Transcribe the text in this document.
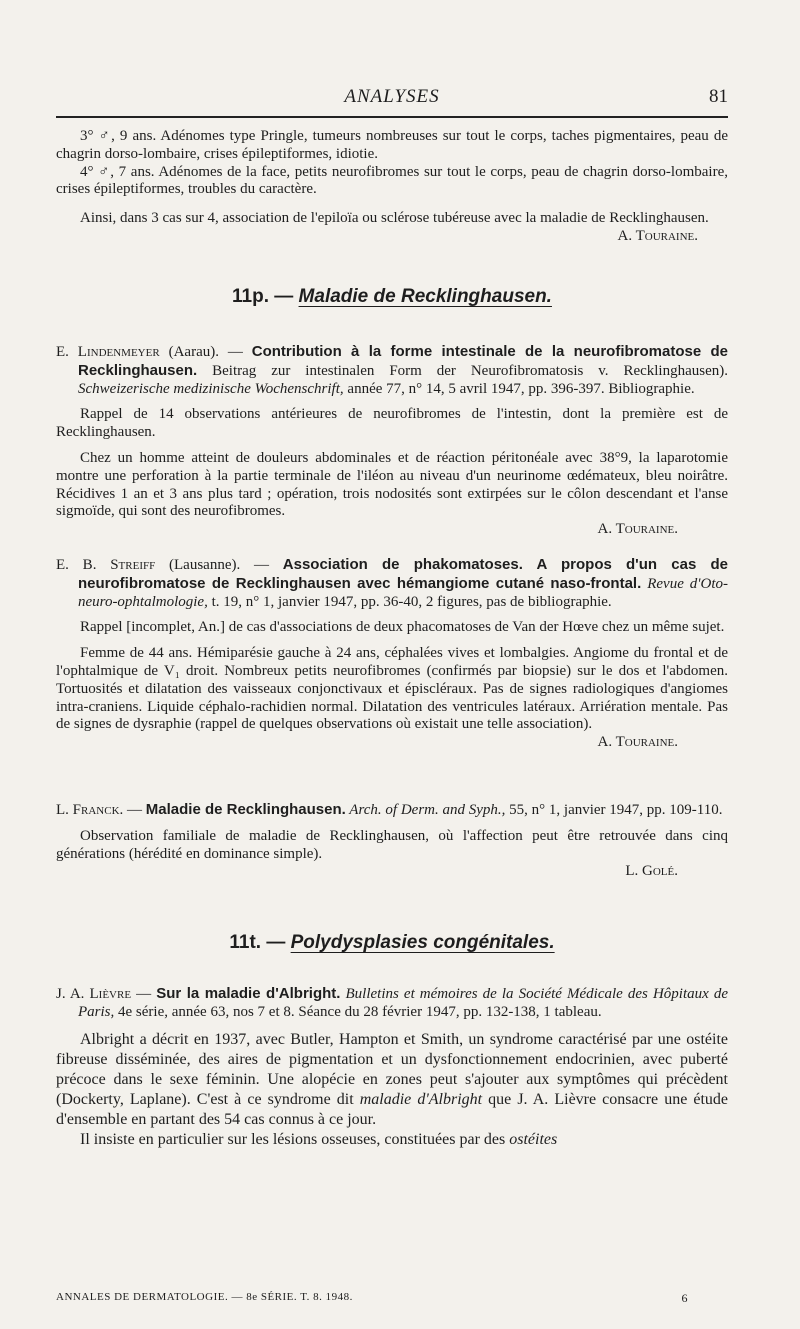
ANALYSES	81

3° ♂, 9 ans. Adénomes type Pringle, tumeurs nombreuses sur tout le corps, taches pigmentaires, peau de chagrin dorso-lombaire, crises épileptiformes, idiotie.

4° ♂, 7 ans. Adénomes de la face, petits neurofibromes sur tout le corps, peau de chagrin dorso-lombaire, crises épileptiformes, troubles du caractère.

Ainsi, dans 3 cas sur 4, association de l'epiloïa ou sclérose tubéreuse avec la maladie de Recklinghausen.
A. Touraine.

11p. — Maladie de Recklinghausen.

E. Lindenmeyer (Aarau). — Contribution à la forme intestinale de la neurofibromatose de Recklinghausen. Beitrag zur intestinalen Form der Neurofibromatosis v. Recklinghausen). Schweizerische medizinische Wochenschrift, année 77, n° 14, 5 avril 1947, pp. 396-397. Bibliographie.

Rappel de 14 observations antérieures de neurofibromes de l'intestin, dont la première est de Recklinghausen.

Chez un homme atteint de douleurs abdominales et de réaction péritonéale avec 38°9, la laparotomie montre une perforation à la partie terminale de l'iléon au niveau d'un neurinome œdémateux, bleu noirâtre. Récidives 1 an et 3 ans plus tard ; opération, trois nodosités sont extirpées sur le côlon descendant et l'anse sigmoïde, qui sont des neurofibromes.

A. Touraine.

E. B. Streiff (Lausanne). — Association de phakomatoses. A propos d'un cas de neurofibromatose de Recklinghausen avec hémangiome cutané naso-frontal. Revue d'Oto-neuro-ophtalmologie, t. 19, n° 1, janvier 1947, pp. 36-40, 2 figures, pas de bibliographie.

Rappel [incomplet, An.] de cas d'associations de deux phacomatoses de Van der Hœve chez un même sujet.

Femme de 44 ans. Hémiparésie gauche à 24 ans, céphalées vives et lombalgies. Angiome du frontal et de l'ophtalmique de V₁ droit. Nombreux petits neurofibromes (confirmés par biopsie) sur le dos et l'abdomen. Tortuosités et dilatation des vaisseaux conjonctivaux et épiscléraux. Pas de signes radiologiques d'angiomes intra-craniens. Liquide céphalo-rachidien normal. Dilatation des ventricules latéraux. Arriération mentale. Pas de signes de dysraphie (rappel de quelques observations où existait une telle association).

A. Touraine.

L. Franck. — Maladie de Recklinghausen. Arch. of Derm. and Syph., 55, n° 1, janvier 1947, pp. 109-110.

Observation familiale de maladie de Recklinghausen, où l'affection peut être retrouvée dans cinq générations (hérédité en dominance simple).

L. Golé.

11t. — Polydysplasies congénitales.

J. A. Lièvre — Sur la maladie d'Albright. Bulletins et mémoires de la Société Médicale des Hôpitaux de Paris, 4e série, année 63, nos 7 et 8. Séance du 28 février 1947, pp. 132-138, 1 tableau.

Albright a décrit en 1937, avec Butler, Hampton et Smith, un syndrome caractérisé par une ostéite fibreuse disséminée, des aires de pigmentation et un dysfonctionnement endocrinien, avec puberté précoce dans le sexe féminin. Une alopécie en zones peut s'ajouter aux symptômes qui précèdent (Dockerty, Laplane). C'est à ce syndrome dit maladie d'Albright que J. A. Lièvre consacre une étude d'ensemble en partant des 54 cas connus à ce jour.

Il insiste en particulier sur les lésions osseuses, constituées par des ostéites

ANNALES DE DERMATOLOGIE. — 8e SÉRIE. T. 8. 1948.	6
